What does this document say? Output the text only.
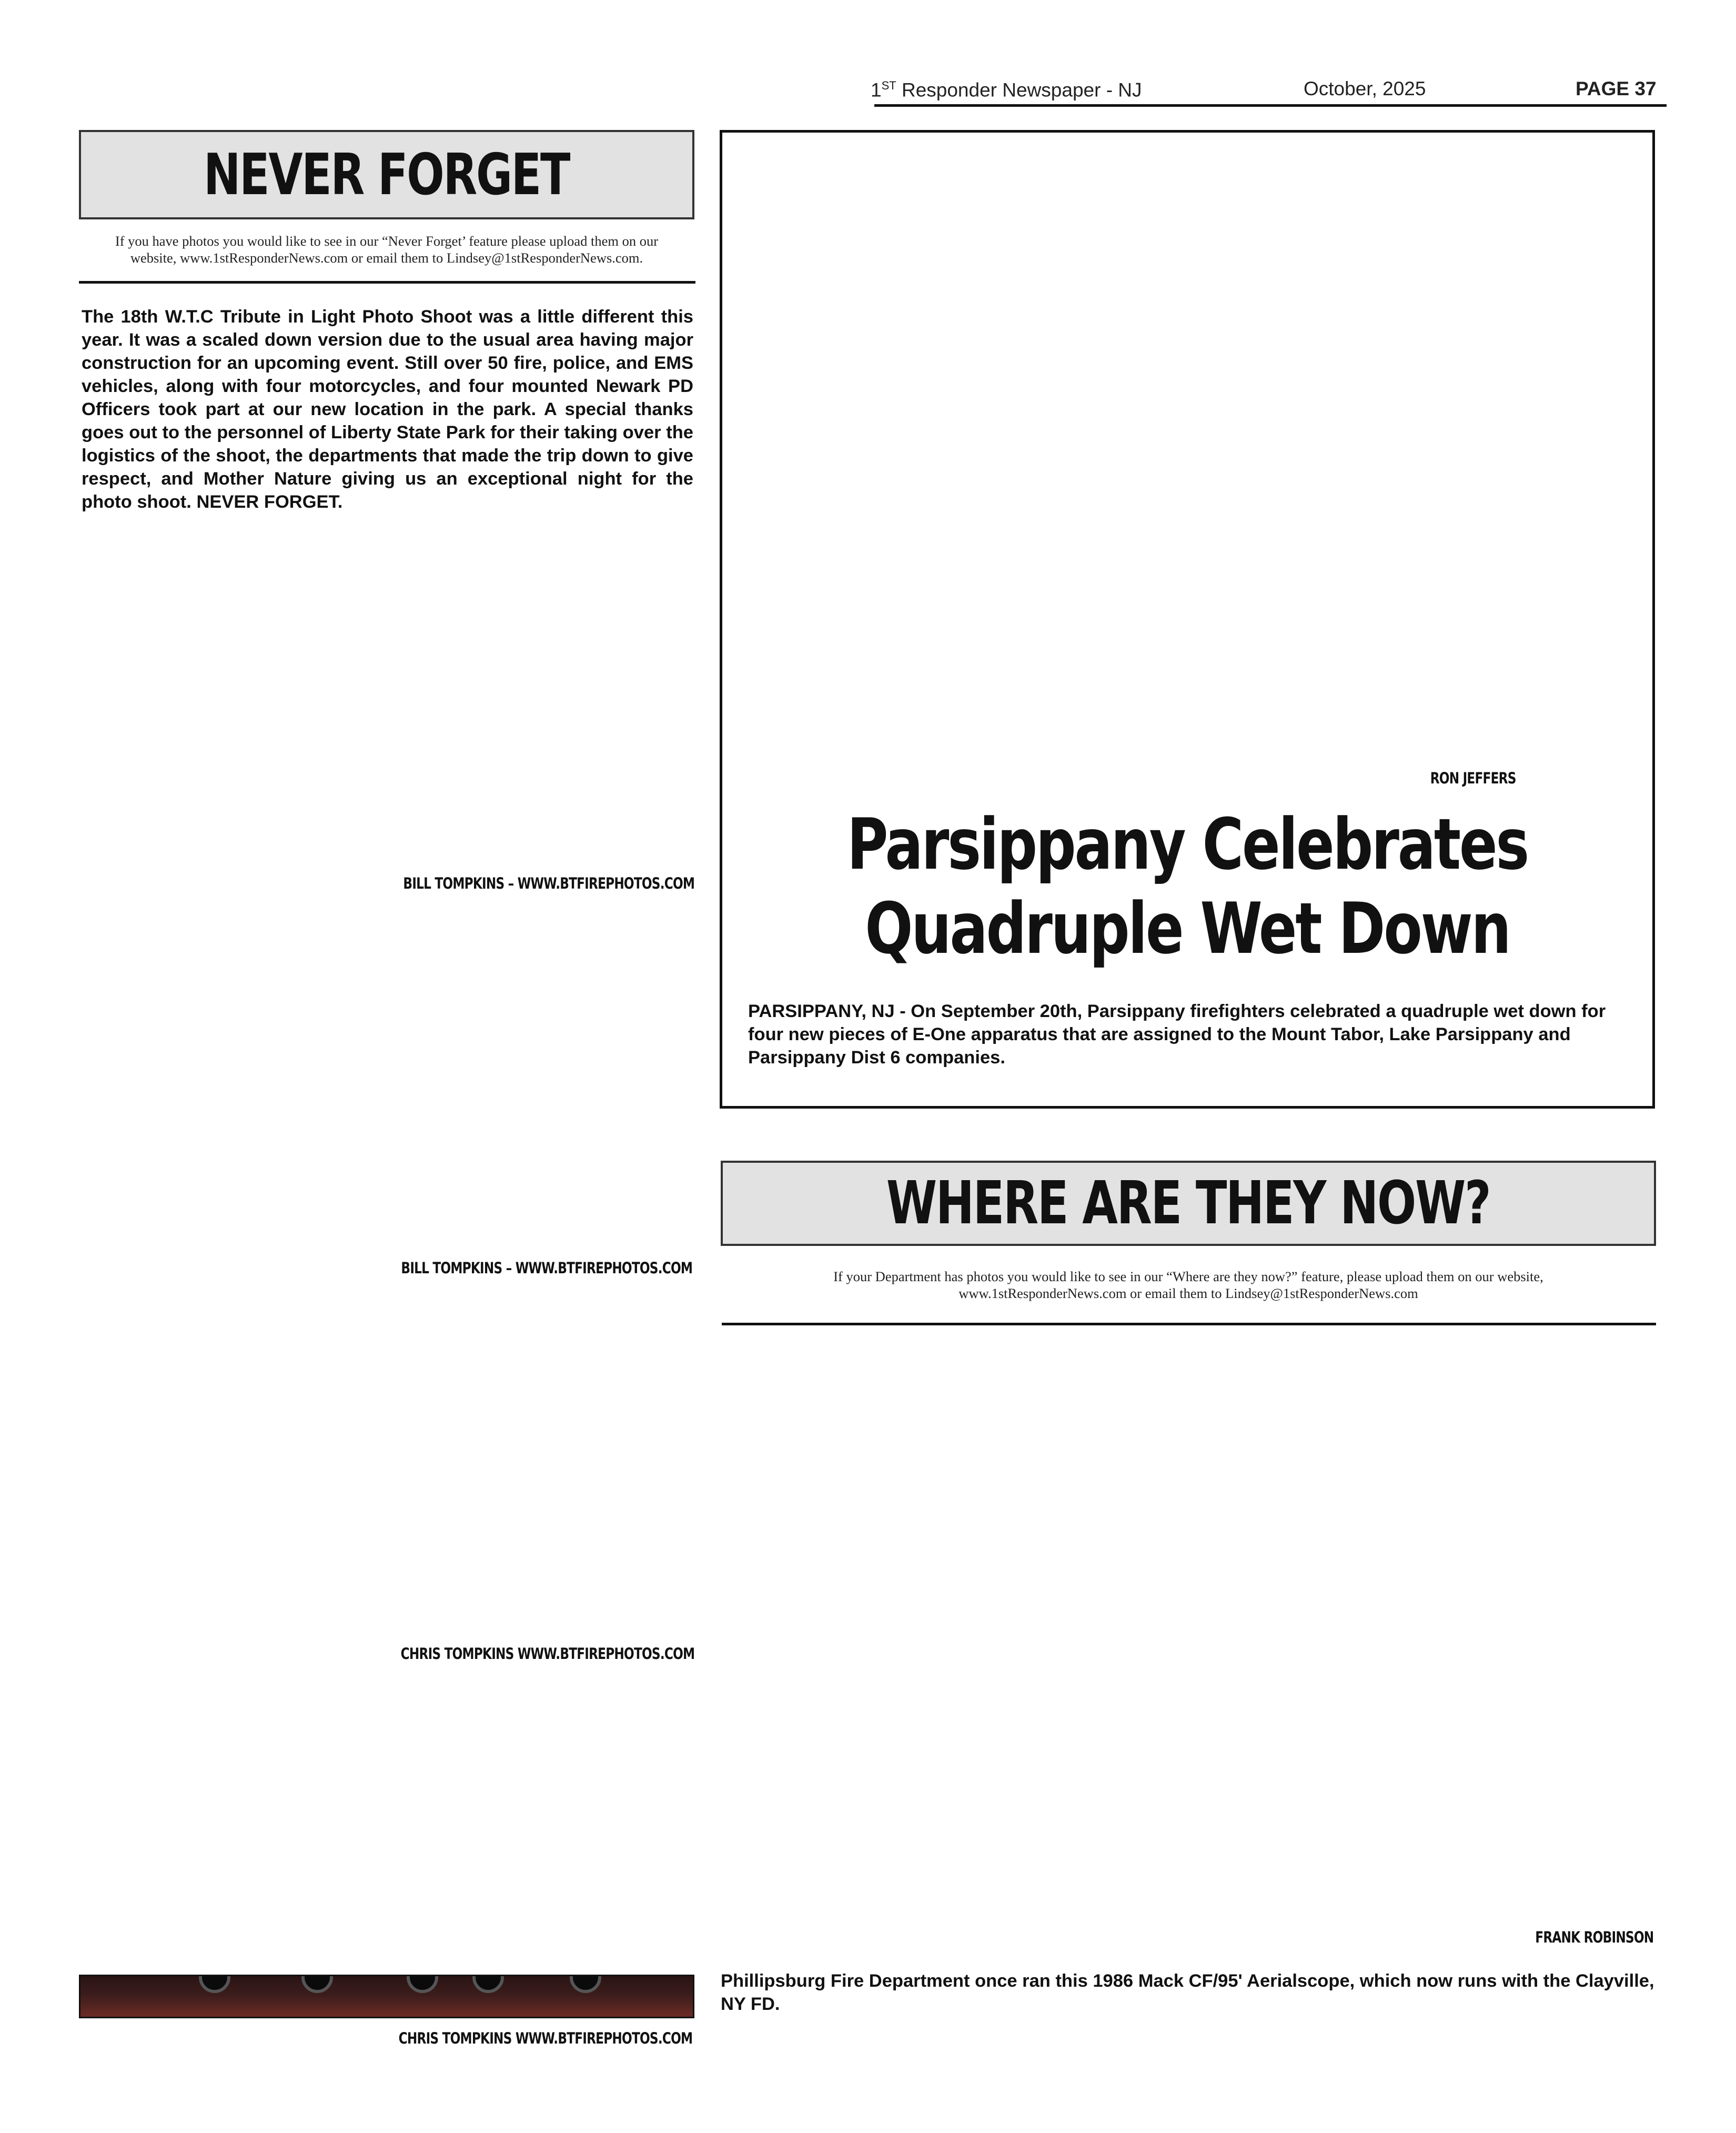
1ST Responder Newspaper - NJ	October, 2025	PAGE 37
NEVER FORGET
If you have photos you would like to see in our “Never Forget’ feature please upload them on our
website, www.1stResponderNews.com or email them to Lindsey@1stResponderNews.com.
The 18th W.T.C Tribute in Light Photo Shoot was a little different this year. It was a scaled down version due to the usual area having major construction for an upcoming event. Still over 50 fire, police, and EMS vehicles, along with four motorcycles, and four mounted Newark PD Officers took part at our new location in the park. A special thanks goes out to the personnel of Liberty State Park for their taking over the logistics of the shoot, the departments that made the trip down to give respect, and Mother Nature giving us an exceptional night for the photo shoot. NEVER FORGET.
BILL TOMPKINS – WWW.BTFIREPHOTOS.COM
BILL TOMPKINS – WWW.BTFIREPHOTOS.COM
CHRIS TOMPKINS WWW.BTFIREPHOTOS.COM
CHRIS TOMPKINS WWW.BTFIREPHOTOS.COM
RON JEFFERS
Parsippany Celebrates
Quadruple Wet Down
PARSIPPANY, NJ - On September 20th, Parsippany firefighters celebrated a quadruple wet down for four new pieces of E-One apparatus that are assigned to the Mount Tabor, Lake Parsippany and Parsippany Dist 6 companies.
WHERE ARE THEY NOW?
If your Department has photos you would like to see in our “Where are they now?” feature, please upload them on our website,
www.1stResponderNews.com or email them to Lindsey@1stResponderNews.com
FRANK ROBINSON
Phillipsburg Fire Department once ran this 1986 Mack CF/95' Aerialscope, which now runs with the Clayville, NY FD.
